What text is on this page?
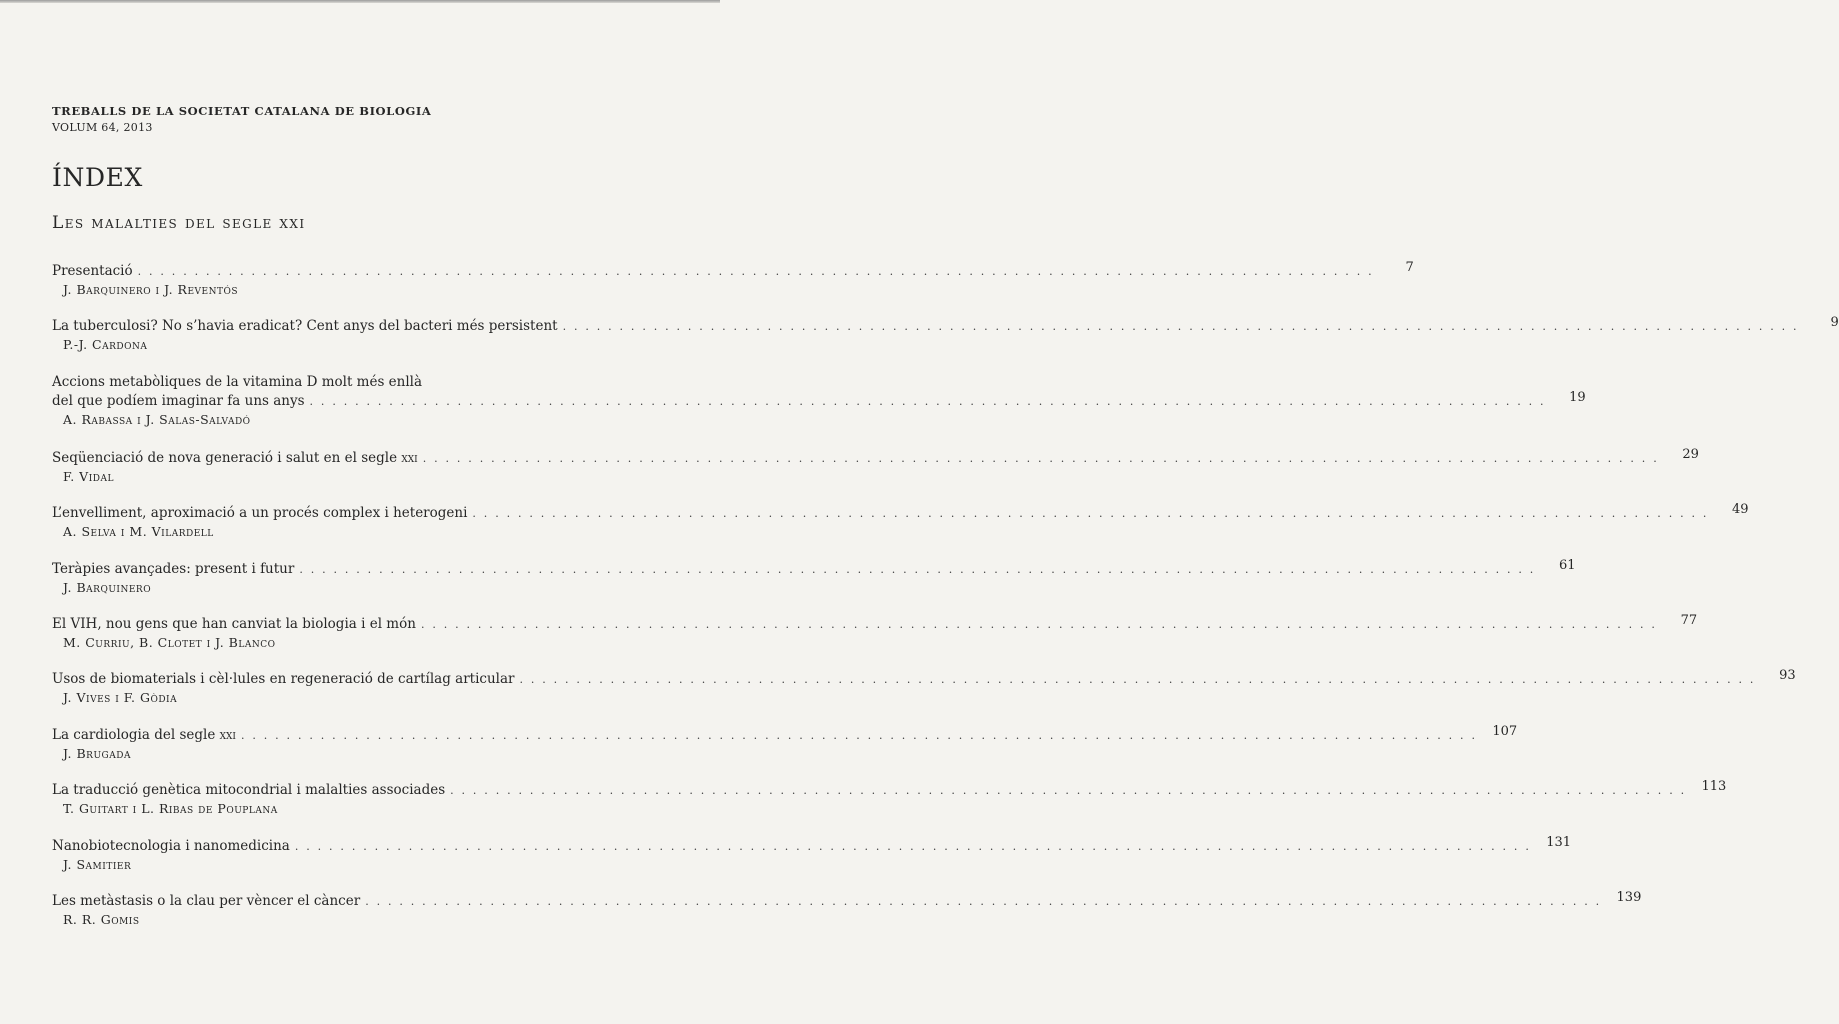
TREBALLS DE LA SOCIETAT CATALANA DE BIOLOGIA
VOLUM 64, 2013
ÍNDEX
Les malalties del segle xxi
Presentació . . . . . . . . . . . . . . . . . . . . . . . . . . . . . . . . . . . . . . . . . . . . . . . . . . . . . . . . . . . . . . . . . . . . . . . . . . . . . . . . . . . . . . . . . . . . . . . . . . . . . . . . . . . . .	7
J. Barquinero i J. Reventós
La tuberculosi? No s’havia eradicat? Cent anys del bacteri més persistent . . . . . . . . . . . . . . . . . . . . . . . . . . . . . . . . . . . . . . . . . . . . . . . . . . . . . . . . . . . . . . . . . . . . . . . . . . . . . . . . . . . . . . . . . . . . . . . . . . . . . . . . . . . . .	9
P.-J. Cardona
Accions metabòliques de la vitamina D molt més enllà
del que podíem imaginar fa uns anys . . . . . . . . . . . . . . . . . . . . . . . . . . . . . . . . . . . . . . . . . . . . . . . . . . . . . . . . . . . . . . . . . . . . . . . . . . . . . . . . . . . . . . . . . . . . . . . . . . . . . . . . . . . . .	19
A. Rabassa i J. Salas-Salvadó
Seqüenciació de nova generació i salut en el segle xxi . . . . . . . . . . . . . . . . . . . . . . . . . . . . . . . . . . . . . . . . . . . . . . . . . . . . . . . . . . . . . . . . . . . . . . . . . . . . . . . . . . . . . . . . . . . . . . . . . . . . . . . . . . . . .	29
F. Vidal
L’envelliment, aproximació a un procés complex i heterogeni . . . . . . . . . . . . . . . . . . . . . . . . . . . . . . . . . . . . . . . . . . . . . . . . . . . . . . . . . . . . . . . . . . . . . . . . . . . . . . . . . . . . . . . . . . . . . . . . . . . . . . . . . . . . .	49
A. Selva i M. Vilardell
Teràpies avançades: present i futur . . . . . . . . . . . . . . . . . . . . . . . . . . . . . . . . . . . . . . . . . . . . . . . . . . . . . . . . . . . . . . . . . . . . . . . . . . . . . . . . . . . . . . . . . . . . . . . . . . . . . . . . . . . . .	61
J. Barquinero
El VIH, nou gens que han canviat la biologia i el món . . . . . . . . . . . . . . . . . . . . . . . . . . . . . . . . . . . . . . . . . . . . . . . . . . . . . . . . . . . . . . . . . . . . . . . . . . . . . . . . . . . . . . . . . . . . . . . . . . . . . . . . . . . . .	77
M. Curriu, B. Clotet i J. Blanco
Usos de biomaterials i cèl·lules en regeneració de cartílag articular . . . . . . . . . . . . . . . . . . . . . . . . . . . . . . . . . . . . . . . . . . . . . . . . . . . . . . . . . . . . . . . . . . . . . . . . . . . . . . . . . . . . . . . . . . . . . . . . . . . . . . . . . . . . .	93
J. Vives i F. Gòdia
La cardiologia del segle xxi . . . . . . . . . . . . . . . . . . . . . . . . . . . . . . . . . . . . . . . . . . . . . . . . . . . . . . . . . . . . . . . . . . . . . . . . . . . . . . . . . . . . . . . . . . . . . . . . . . . . . . . . . . . . .	107
J. Brugada
La traducció genètica mitocondrial i malalties associades . . . . . . . . . . . . . . . . . . . . . . . . . . . . . . . . . . . . . . . . . . . . . . . . . . . . . . . . . . . . . . . . . . . . . . . . . . . . . . . . . . . . . . . . . . . . . . . . . . . . . . . . . . . . .	113
T. Guitart i L. Ribas de Pouplana
Nanobiotecnologia i nanomedicina . . . . . . . . . . . . . . . . . . . . . . . . . . . . . . . . . . . . . . . . . . . . . . . . . . . . . . . . . . . . . . . . . . . . . . . . . . . . . . . . . . . . . . . . . . . . . . . . . . . . . . . . . . . . .	131
J. Samitier
Les metàstasis o la clau per vèncer el càncer . . . . . . . . . . . . . . . . . . . . . . . . . . . . . . . . . . . . . . . . . . . . . . . . . . . . . . . . . . . . . . . . . . . . . . . . . . . . . . . . . . . . . . . . . . . . . . . . . . . . . . . . . . . . .	139
R. R. Gomis
